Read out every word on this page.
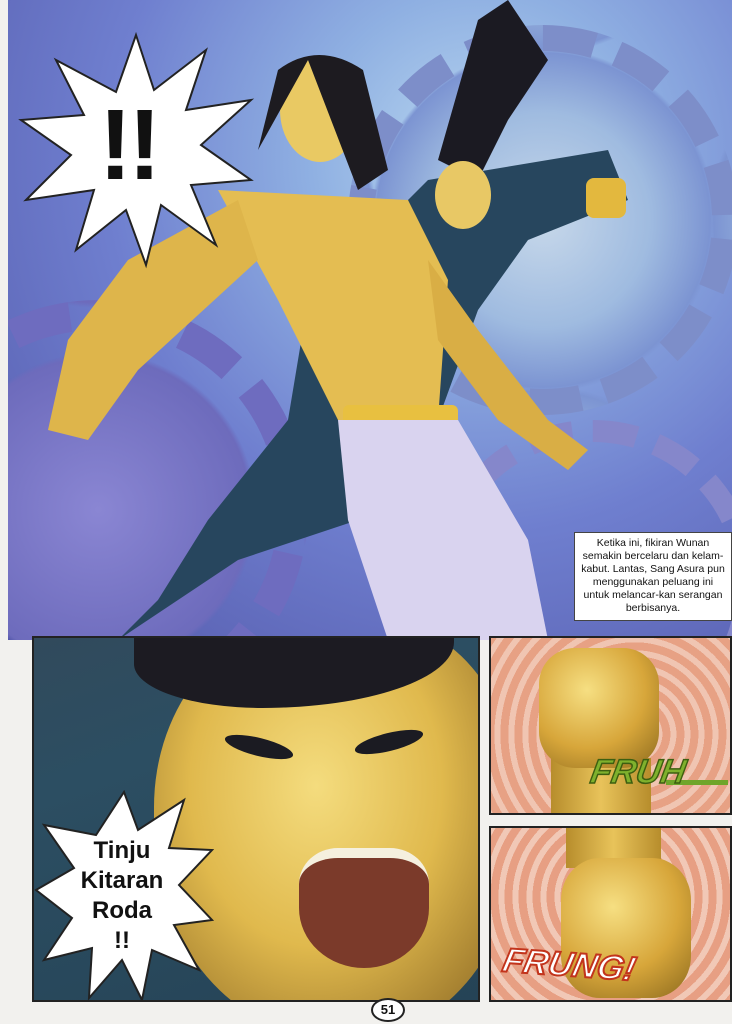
!!
Ketika ini, fikiran Wunan semakin bercelaru dan kelam-kabut. Lantas, Sang Asura pun menggunakan peluang ini untuk melancar-kan serangan berbisanya.
Tinju
Kitaran
Roda
!!
FRUH
FRUNG!
51
